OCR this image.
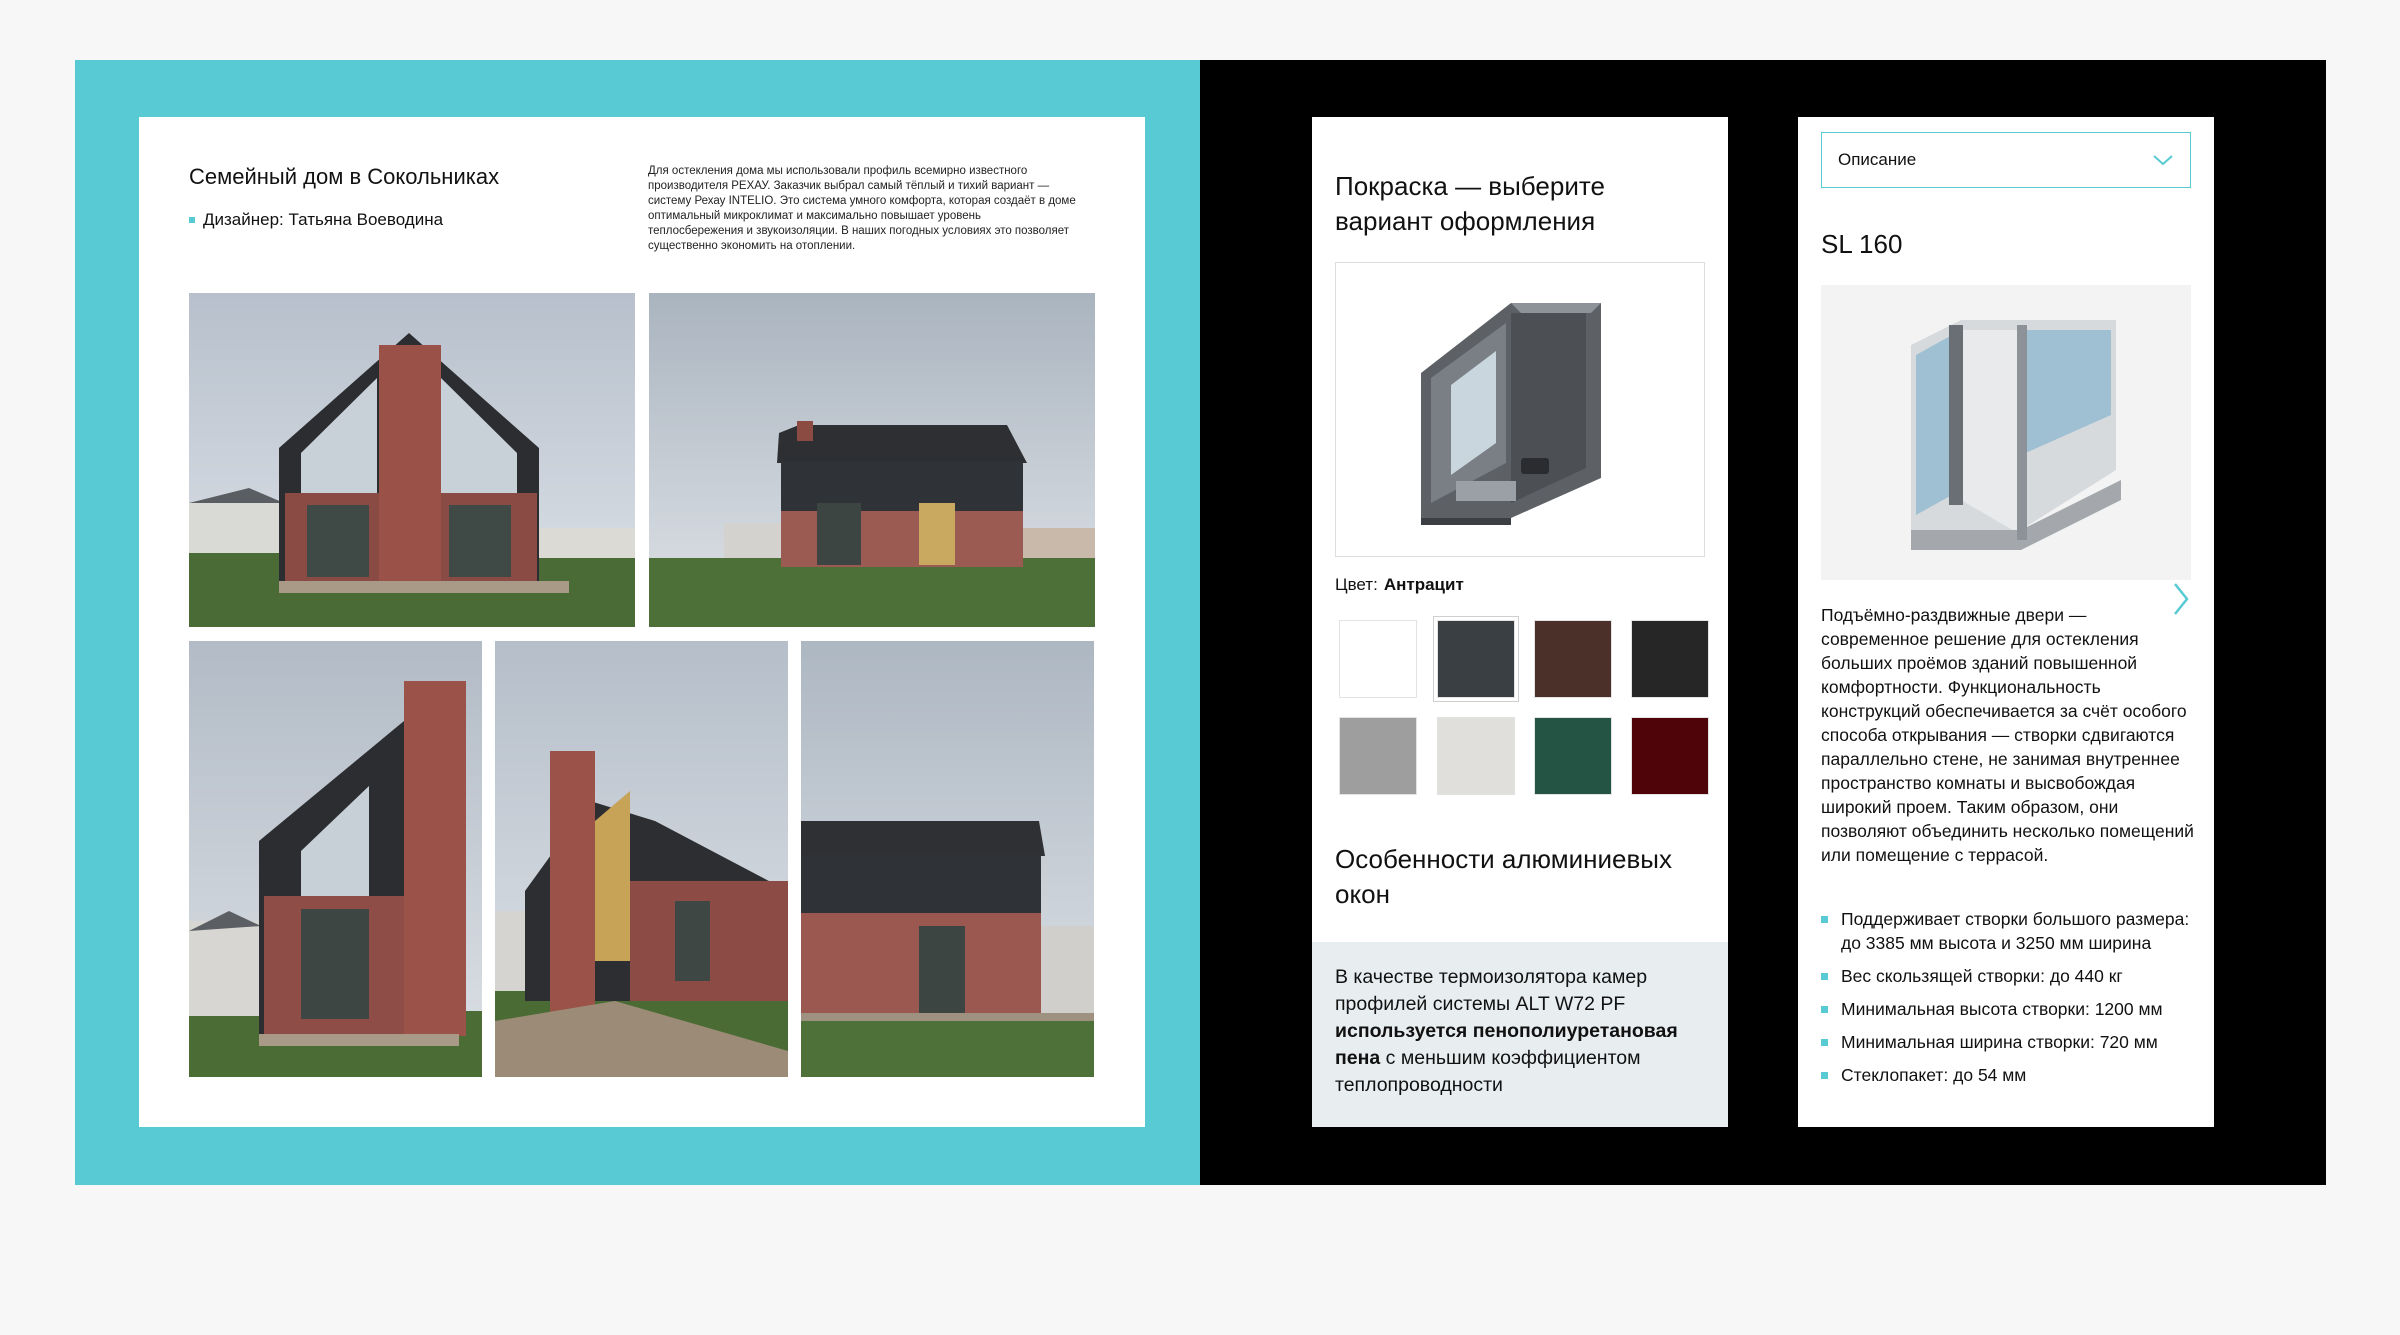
Семейный дом в Сокольниках
Дизайнер: Татьяна Воеводина
Для остекления дома мы использовали профиль всемирно известного производителя РЕХАУ. Заказчик выбрал самый тёплый и тихий вариант — систему Рехау INTELIO. Это система умного комфорта, которая создаёт в доме оптимальный микроклимат и максимально повышает уровень теплосбережения и звукоизоляции. В наших погодных условиях это позволяет существенно экономить на отоплении.
Покраска — выберите вариант оформления
Цвет: Антрацит
Особенности алюминиевых окон
В качестве термоизолятора камер профилей системы ALT W72 PF используется пенополиуретановая пена с меньшим коэффициентом теплопроводности
Описание
SL 160
Подъёмно-раздвижные двери — современное решение для остекления больших проёмов зданий повышенной комфортности. Функциональность конструкций обеспечивается за счёт особого способа открывания — створки сдвигаются параллельно стене, не занимая внутреннее пространство комнаты и высвобождая широкий проем. Таким образом, они позволяют объединить несколько помещений или помещение с террасой.
Поддерживает створки большого размера: до 3385 мм высота и 3250 мм ширина
Вес скользящей створки: до 440 кг
Минимальная высота створки: 1200 мм
Минимальная ширина створки: 720 мм
Стеклопакет: до 54 мм
